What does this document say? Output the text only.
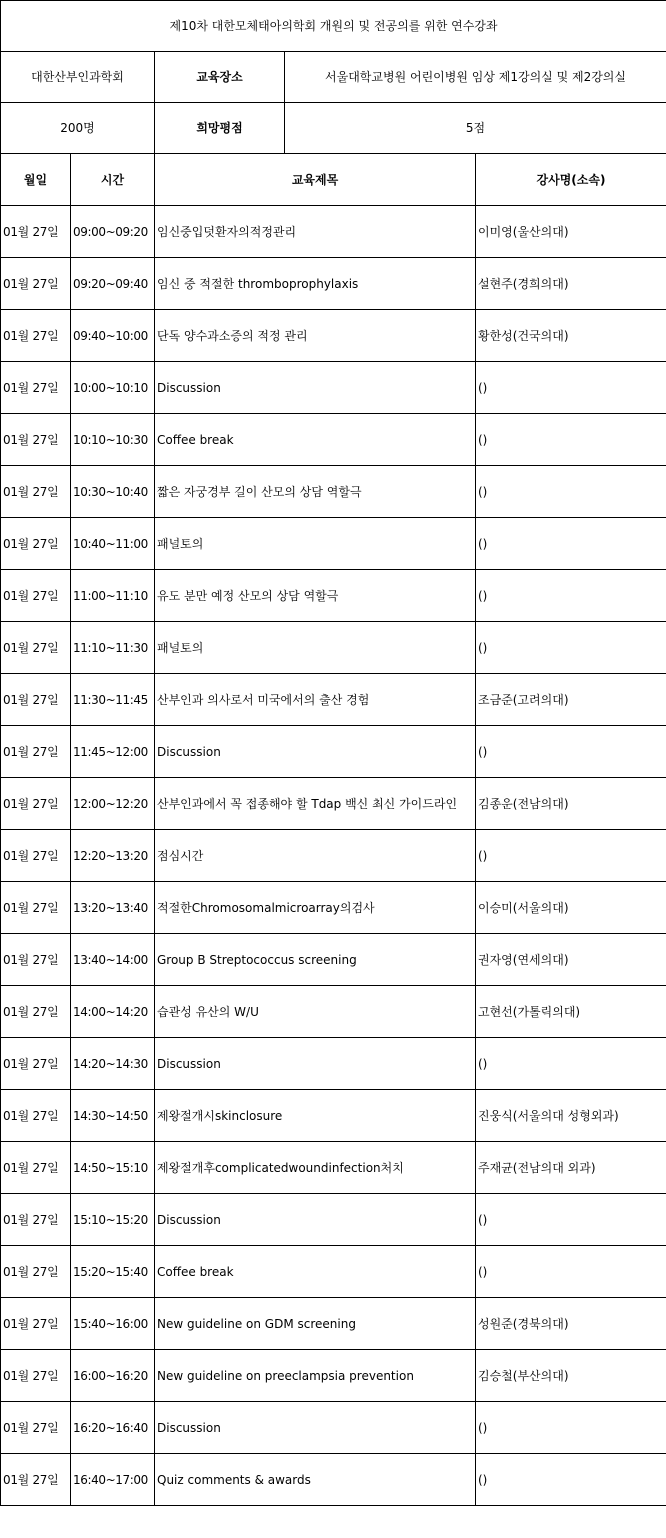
제10차 대한모체태아의학회 개원의 및 전공의를 위한 연수강좌				
대한산부인과학회		교육장소	서울대학교병원 어린이병원 임상 제1강의실 및 제2강의실	
200명		희망평점	5점	
월일	시간	교육제목		강사명(소속)
01월 27일	09:00~09:20	임신중입덧환자의적정관리		이미영(울산의대)
01월 27일	09:20~09:40	임신 중 적절한 thromboprophylaxis		설현주(경희의대)
01월 27일	09:40~10:00	단독 양수과소증의 적정 관리		황한성(건국의대)
01월 27일	10:00~10:10	Discussion		()
01월 27일	10:10~10:30	Coffee break		()
01월 27일	10:30~10:40	짧은 자궁경부 길이 산모의 상담 역할극		()
01월 27일	10:40~11:00	패널토의		()
01월 27일	11:00~11:10	유도 분만 예정 산모의 상담 역할극		()
01월 27일	11:10~11:30	패널토의		()
01월 27일	11:30~11:45	산부인과 의사로서 미국에서의 출산 경험		조금준(고려의대)
01월 27일	11:45~12:00	Discussion		()
01월 27일	12:00~12:20	산부인과에서 꼭 접종해야 할 Tdap 백신 최신 가이드라인		김종운(전남의대)
01월 27일	12:20~13:20	점심시간		()
01월 27일	13:20~13:40	적절한Chromosomalmicroarray의검사		이승미(서울의대)
01월 27일	13:40~14:00	Group B Streptococcus screening		권자영(연세의대)
01월 27일	14:00~14:20	습관성 유산의 W/U		고현선(가톨릭의대)
01월 27일	14:20~14:30	Discussion		()
01월 27일	14:30~14:50	제왕절개시skinclosure		진웅식(서울의대 성형외과)
01월 27일	14:50~15:10	제왕절개후complicatedwoundinfection처치		주재균(전남의대 외과)
01월 27일	15:10~15:20	Discussion		()
01월 27일	15:20~15:40	Coffee break		()
01월 27일	15:40~16:00	New guideline on GDM screening		성원준(경북의대)
01월 27일	16:00~16:20	New guideline on preeclampsia prevention		김승철(부산의대)
01월 27일	16:20~16:40	Discussion		()
01월 27일	16:40~17:00	Quiz comments & awards		()
